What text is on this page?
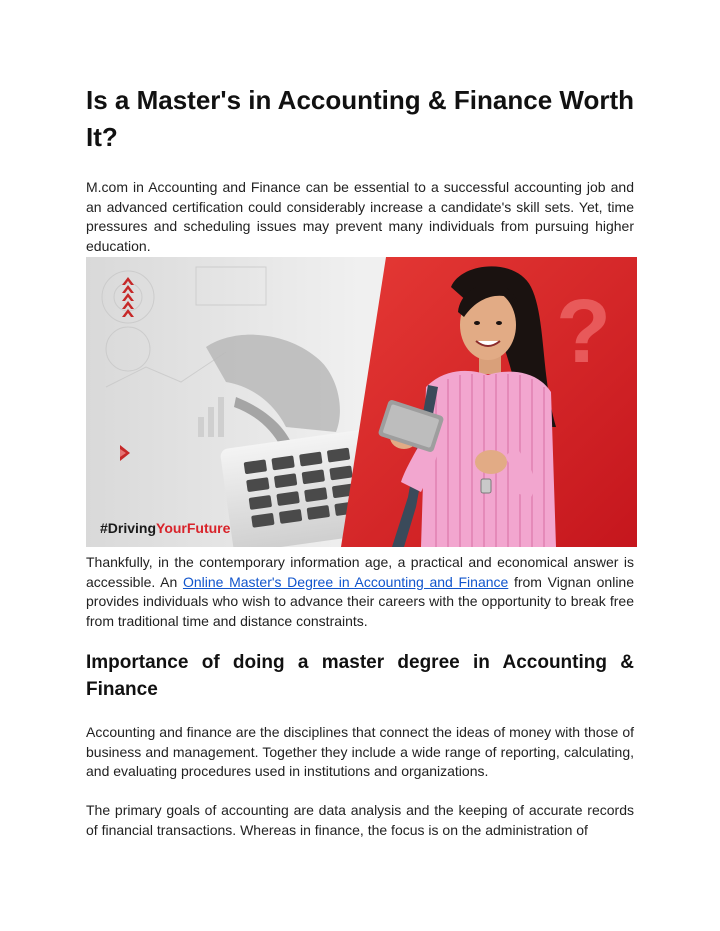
Is a Master's in Accounting & Finance Worth It?

M.com in Accounting and Finance can be essential to a successful accounting job and an advanced certification could considerably increase a candidate's skill sets. Yet, time pressures and scheduling issues may prevent many individuals from pursuing higher education.

?
#DrivingYourFuture

Thankfully, in the contemporary information age, a practical and economical answer is accessible. An Online Master's Degree in Accounting and Finance from Vignan online provides individuals who wish to advance their careers with the opportunity to break free from traditional time and distance constraints.

Importance of doing a master degree in Accounting & Finance

Accounting and finance are the disciplines that connect the ideas of money with those of business and management. Together they include a wide range of reporting, calculating, and evaluating procedures used in institutions and organizations.

The primary goals of accounting are data analysis and the keeping of accurate records of financial transactions. Whereas in finance, the focus is on the administration of
